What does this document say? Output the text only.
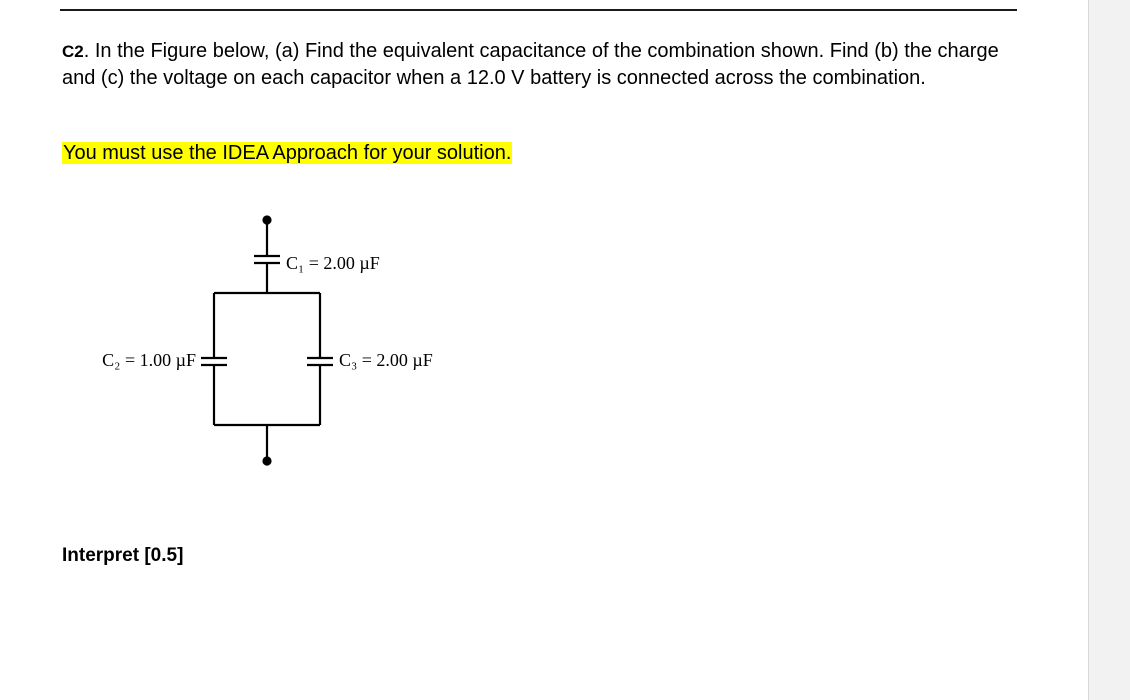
C2. In the Figure below, (a) Find the equivalent capacitance of the combination shown. Find (b) the charge and (c) the voltage on each capacitor when a 12.0 V battery is connected across the combination.
You must use the IDEA Approach for your solution.
C₁ = 2.00 µF
C₂ = 1.00 µF	C₃ = 2.00 µF
Interpret [0.5]
